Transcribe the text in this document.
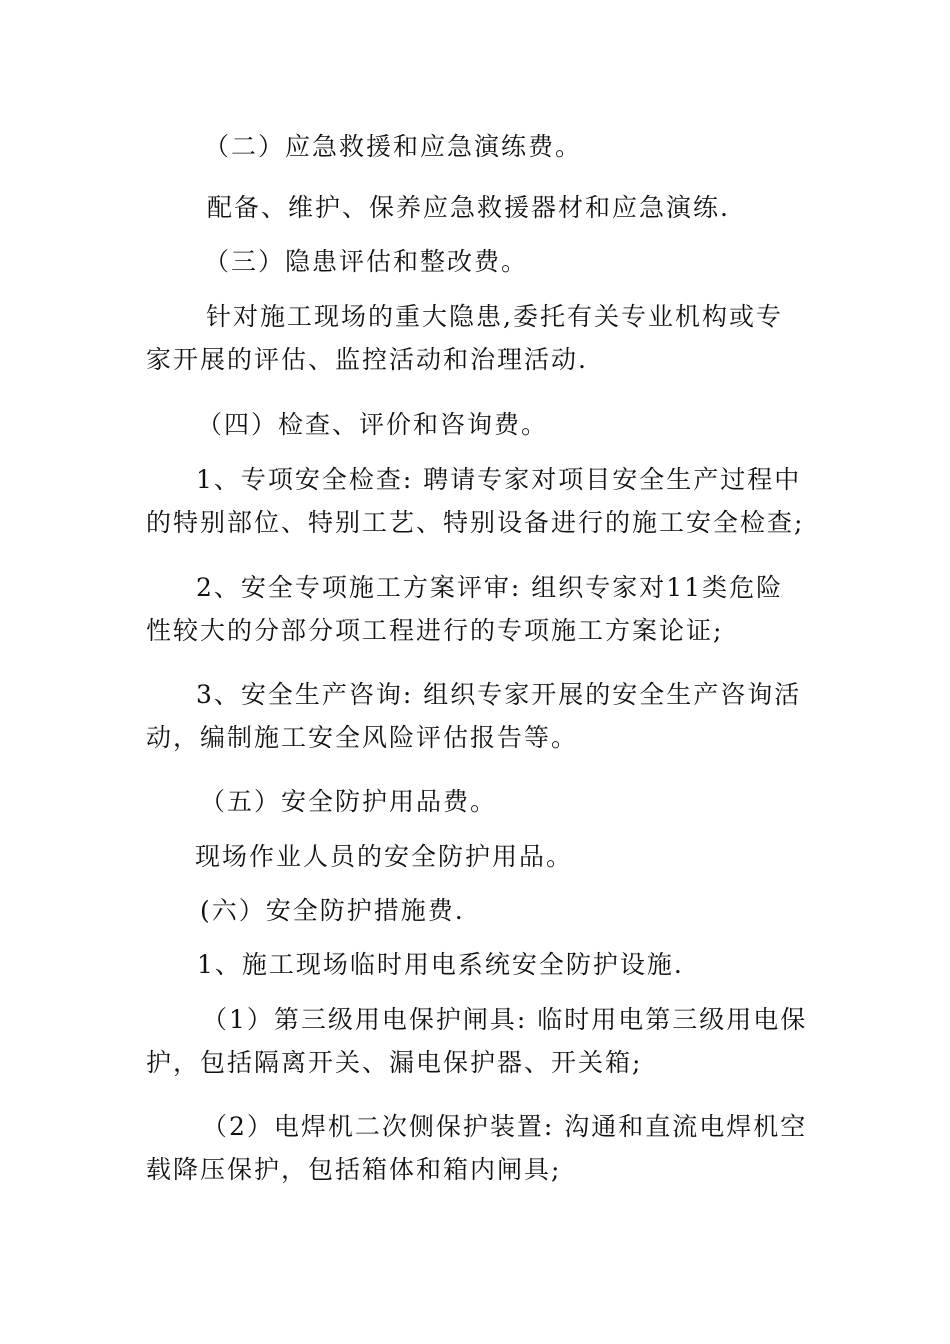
（二）应急救援和应急演练费。

配备、维护、保养应急救援器材和应急演练.

（三）隐患评估和整改费。

针对施工现场的重大隐患,委托有关专业机构或专家开展的评估、监控活动和治理活动.

（四）检查、评价和咨询费。

1、专项安全检查: 聘请专家对项目安全生产过程中的特别部位、特别工艺、特别设备进行的施工安全检查;

2、安全专项施工方案评审: 组织专家对11类危险性较大的分部分项工程进行的专项施工方案论证;

3、安全生产咨询: 组织专家开展的安全生产咨询活动，编制施工安全风险评估报告等。

（五）安全防护用品费。

现场作业人员的安全防护用品。

(六）安全防护措施费.

1、施工现场临时用电系统安全防护设施.

（1）第三级用电保护闸具: 临时用电第三级用电保护，包括隔离开关、漏电保护器、开关箱;

（2）电焊机二次侧保护装置: 沟通和直流电焊机空载降压保护，包括箱体和箱内闸具;
